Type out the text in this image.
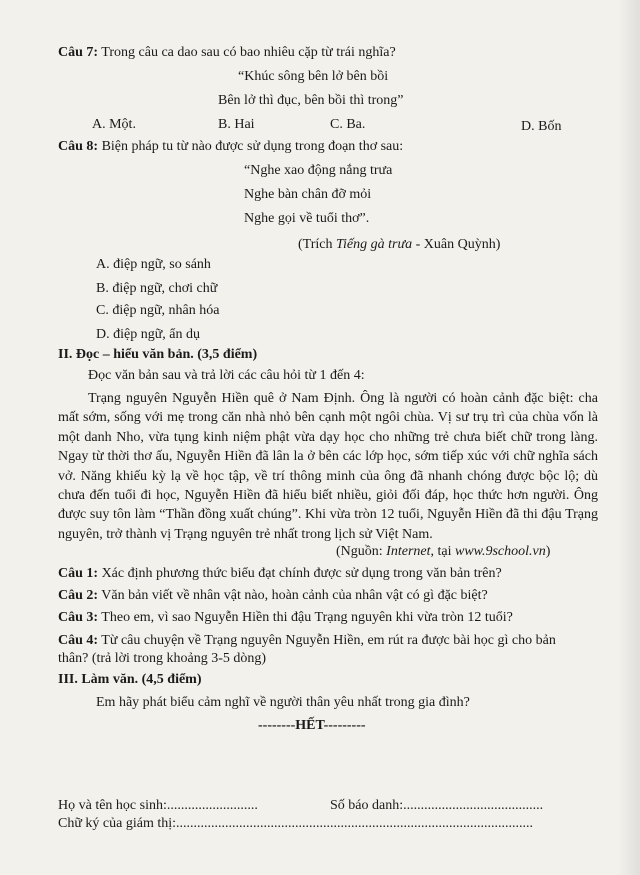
Câu 7: Trong câu ca dao sau có bao nhiêu cặp từ trái nghĩa?
“Khúc sông bên lở bên bồi
Bên lở thì đục, bên bồi thì trong”
A. Một.	B. Hai	C. Ba.	D. Bốn
Câu 8: Biện pháp tu từ nào được sử dụng trong đoạn thơ sau:
“Nghe xao động nắng trưa
Nghe bàn chân đỡ mỏi
Nghe gọi về tuổi thơ”.
(Trích Tiếng gà trưa - Xuân Quỳnh)
A. điệp ngữ, so sánh
B. điệp ngữ, chơi chữ
C. điệp ngữ, nhân hóa
D. điệp ngữ, ẩn dụ
II. Đọc – hiểu văn bản. (3,5 điểm)
Đọc văn bản sau và trả lời các câu hỏi từ 1 đến 4:
Trạng nguyên Nguyễn Hiền quê ở Nam Định. Ông là người có hoàn cảnh đặc biệt: cha mất sớm, sống với mẹ trong căn nhà nhỏ bên cạnh một ngôi chùa. Vị sư trụ trì của chùa vốn là một danh Nho, vừa tụng kinh niệm phật vừa dạy học cho những trẻ chưa biết chữ trong làng. Ngay từ thời thơ ấu, Nguyễn Hiền đã lân la ở bên các lớp học, sớm tiếp xúc với chữ nghĩa sách vở. Năng khiếu kỳ lạ về học tập, về trí thông minh của ông đã nhanh chóng được bộc lộ; dù chưa đến tuổi đi học, Nguyễn Hiền đã hiểu biết nhiều, giỏi đối đáp, học thức hơn người. Ông được suy tôn làm “Thần đồng xuất chúng”. Khi vừa tròn 12 tuổi, Nguyễn Hiền đã thi đậu Trạng nguyên, trở thành vị Trạng nguyên trẻ nhất trong lịch sử Việt Nam.
(Nguồn: Internet, tại www.9school.vn)
Câu 1: Xác định phương thức biểu đạt chính được sử dụng trong văn bản trên?
Câu 2: Văn bản viết về nhân vật nào, hoàn cảnh của nhân vật có gì đặc biệt?
Câu 3: Theo em, vì sao Nguyễn Hiền thi đậu Trạng nguyên khi vừa tròn 12 tuổi?
Câu 4: Từ câu chuyện về Trạng nguyên Nguyễn Hiền, em rút ra được bài học gì cho bản
thân? (trả lời trong khoảng 3-5 dòng)
III. Làm văn. (4,5 điểm)
Em hãy phát biểu cảm nghĩ về người thân yêu nhất trong gia đình?
--------HẾT---------
Họ và tên học sinh:..........................	Số báo danh:........................................
Chữ ký của giám thị:......................................................................................................
